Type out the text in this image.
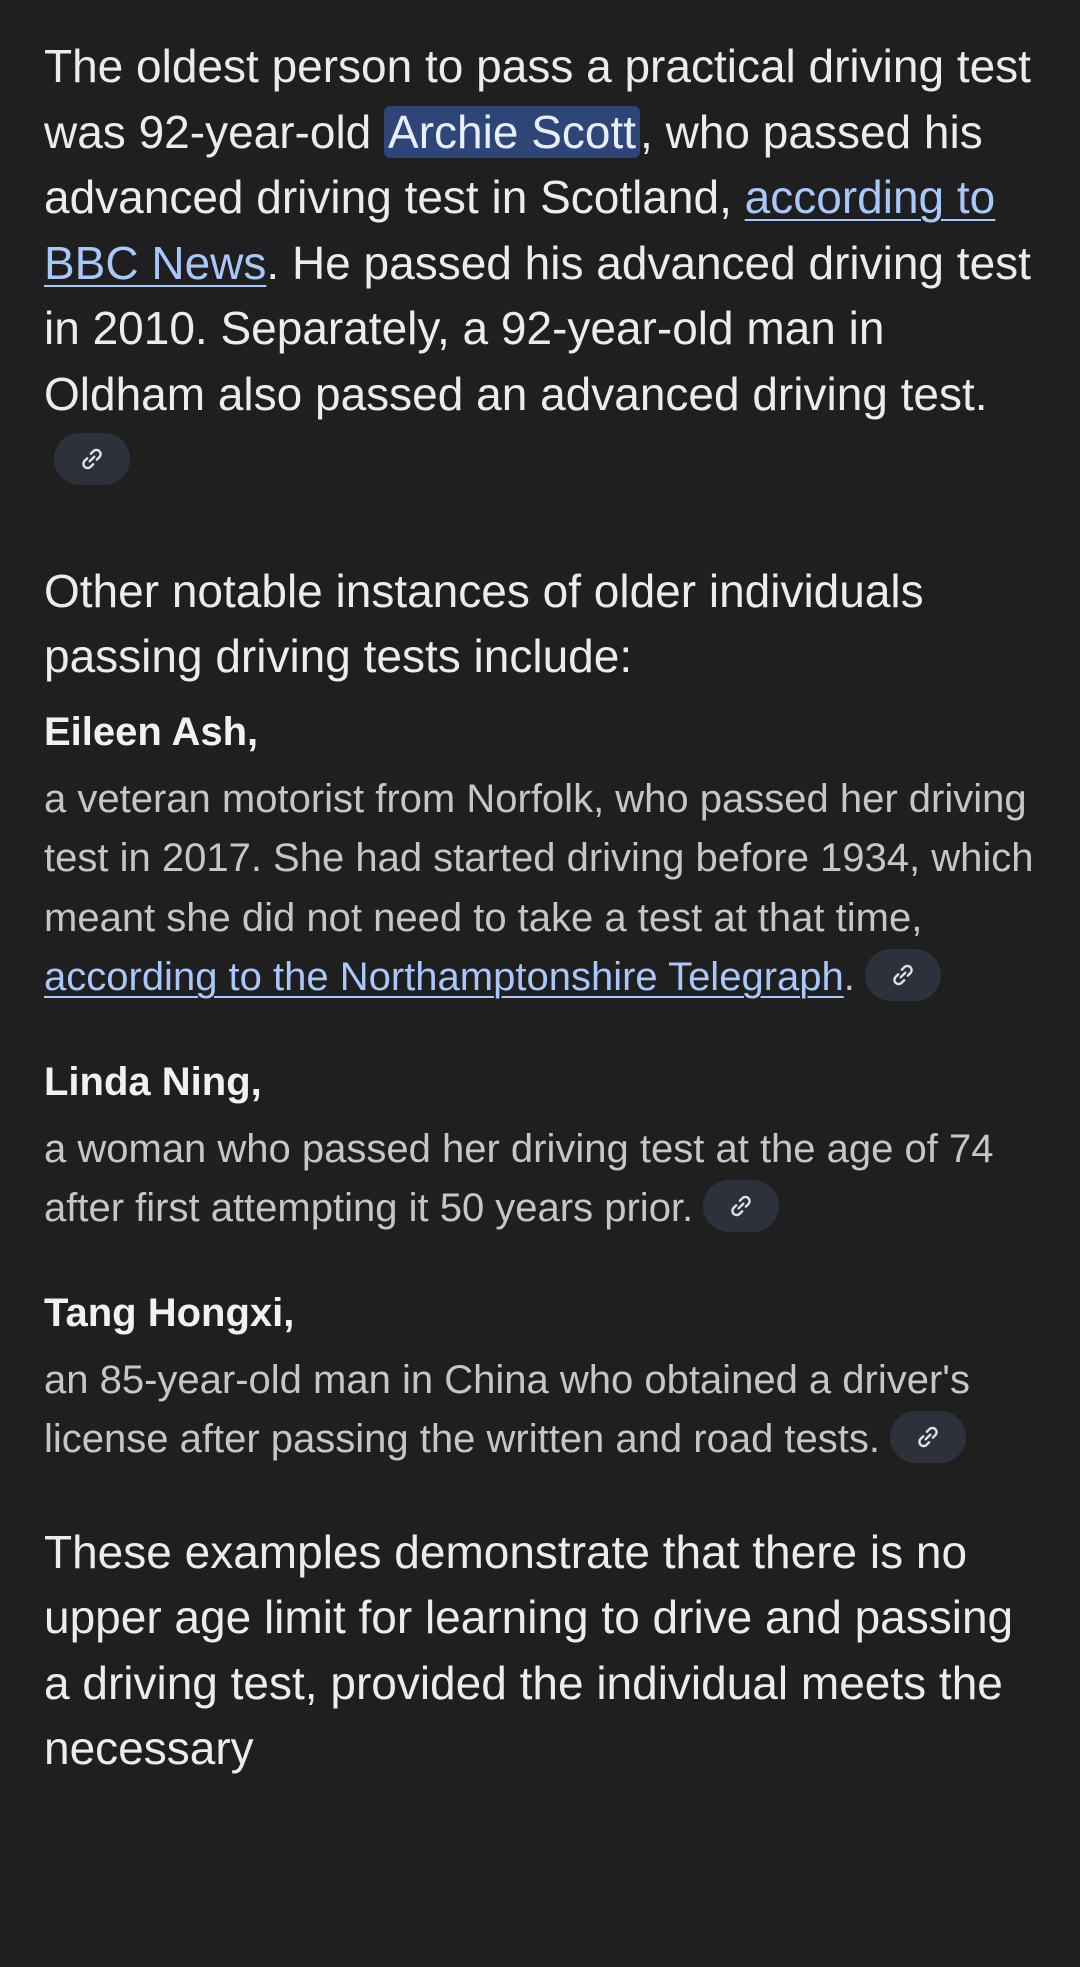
The oldest person to pass a practical driving test was 92-year-old Archie Scott, who passed his advanced driving test in Scotland, according to BBC News. He passed his advanced driving test in 2010. Separately, a 92-year-old man in Oldham also passed an advanced driving test.

Other notable instances of older individuals passing driving tests include:

Eileen Ash,

a veteran motorist from Norfolk, who passed her driving test in 2017. She had started driving before 1934, which meant she did not need to take a test at that time, according to the Northamptonshire Telegraph.

Linda Ning,

a woman who passed her driving test at the age of 74 after first attempting it 50 years prior.

Tang Hongxi,

an 85-year-old man in China who obtained a driver's license after passing the written and road tests.

These examples demonstrate that there is no upper age limit for learning to drive and passing a driving test, provided the individual meets the necessary
